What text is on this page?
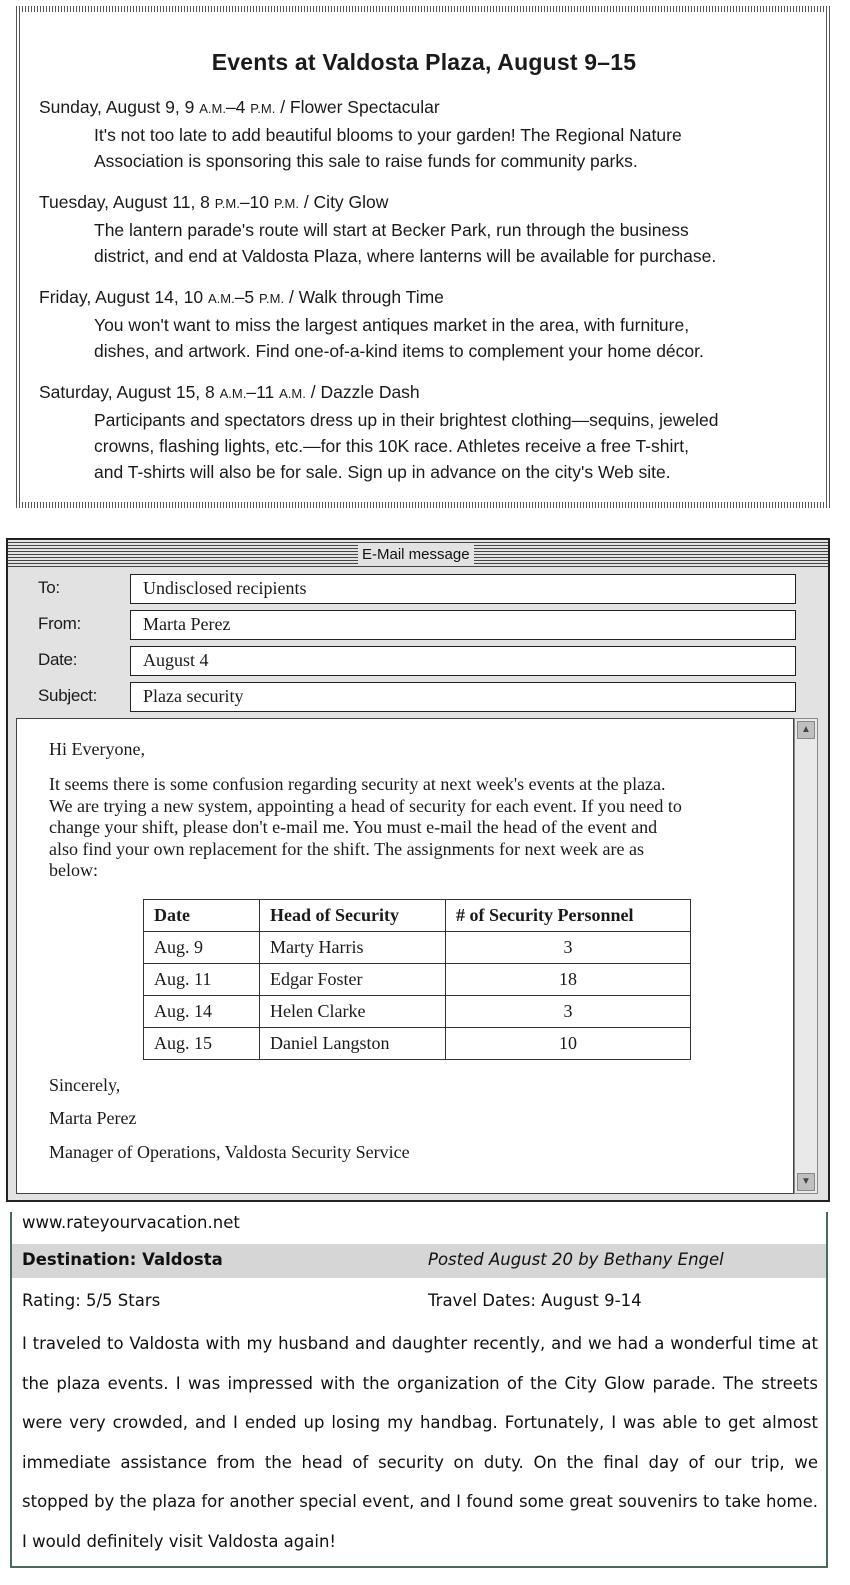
Events at Valdosta Plaza, August 9–15
Sunday, August 9, 9 A.M.–4 P.M. / Flower Spectacular
It's not too late to add beautiful blooms to your garden! The Regional Nature
Association is sponsoring this sale to raise funds for community parks.
Tuesday, August 11, 8 P.M.–10 P.M. / City Glow
The lantern parade's route will start at Becker Park, run through the business
district, and end at Valdosta Plaza, where lanterns will be available for purchase.
Friday, August 14, 10 A.M.–5 P.M. / Walk through Time
You won't want to miss the largest antiques market in the area, with furniture,
dishes, and artwork. Find one-of-a-kind items to complement your home décor.
Saturday, August 15, 8 A.M.–11 A.M. / Dazzle Dash
Participants and spectators dress up in their brightest clothing—sequins, jeweled
crowns, flashing lights, etc.—for this 10K race. Athletes receive a free T-shirt,
and T-shirts will also be for sale. Sign up in advance on the city's Web site.
E-Mail message
To:	Undisclosed recipients
From:	Marta Perez
Date:	August 4
Subject:	Plaza security
Hi Everyone,
It seems there is some confusion regarding security at next week's events at the plaza.
We are trying a new system, appointing a head of security for each event. If you need to
change your shift, please don't e-mail me. You must e-mail the head of the event and
also find your own replacement for the shift. The assignments for next week are as
below:
Date	Head of Security	# of Security Personnel
Aug. 9	Marty Harris	3
Aug. 11	Edgar Foster	18
Aug. 14	Helen Clarke	3
Aug. 15	Daniel Langston	10
Sincerely,
Marta Perez
Manager of Operations, Valdosta Security Service
▲
▼
www.rateyourvacation.net
Destination: Valdosta	Posted August 20 by Bethany Engel
Rating: 5/5 Stars	Travel Dates: August 9-14
I traveled to Valdosta with my husband and daughter recently, and we had a wonderful time at the plaza events. I was impressed with the organization of the City Glow parade. The streets were very crowded, and I ended up losing my handbag. Fortunately, I was able to get almost immediate assistance from the head of security on duty. On the final day of our trip, we stopped by the plaza for another special event, and I found some great souvenirs to take home. I would definitely visit Valdosta again!
